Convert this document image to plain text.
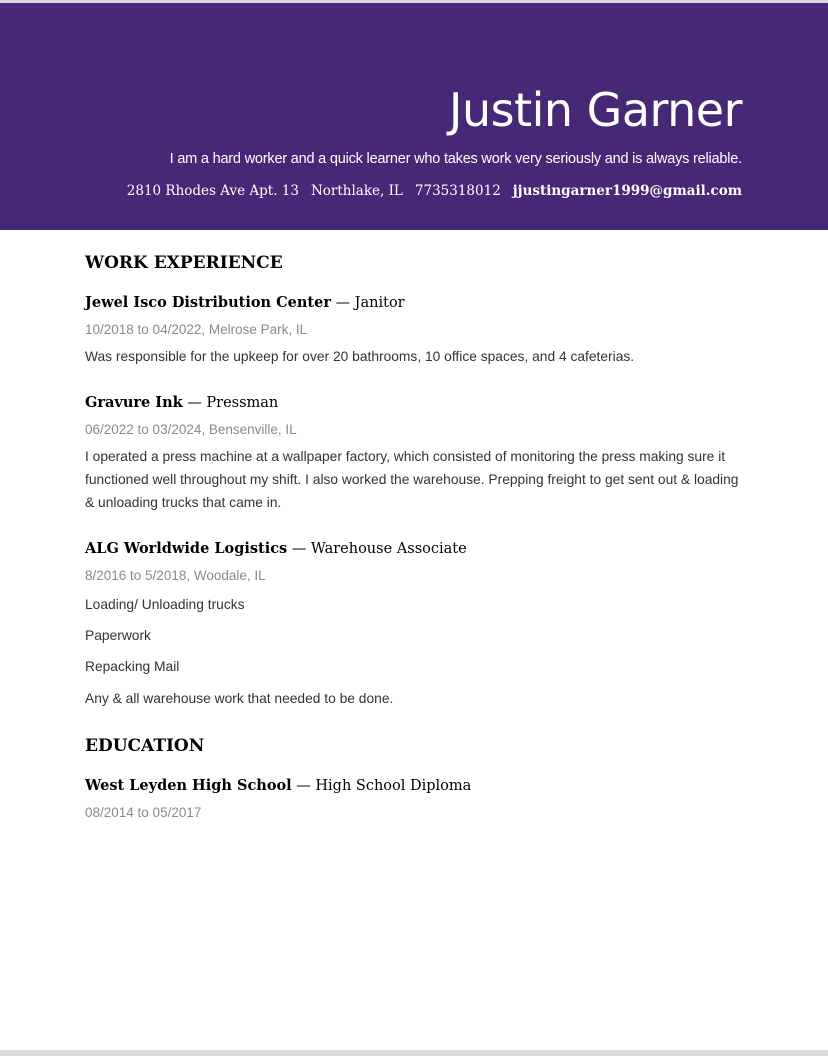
Justin Garner
I am a hard worker and a quick learner who takes work very seriously and is always reliable.
2810 Rhodes Ave Apt. 13 Northlake, IL 7735318012 jjustingarner1999@gmail.com
WORK EXPERIENCE
Jewel Isco Distribution Center — Janitor
10/2018 to 04/2022, Melrose Park, IL
Was responsible for the upkeep for over 20 bathrooms, 10 office spaces, and 4 cafeterias.
Gravure Ink — Pressman
06/2022 to 03/2024, Bensenville, IL
I operated a press machine at a wallpaper factory, which consisted of monitoring the press making sure it functioned well throughout my shift. I also worked the warehouse. Prepping freight to get sent out & loading & unloading trucks that came in.
ALG Worldwide Logistics — Warehouse Associate
8/2016 to 5/2018, Woodale, IL
Loading/ Unloading trucks
Paperwork
Repacking Mail
Any & all warehouse work that needed to be done.
EDUCATION
West Leyden High School — High School Diploma
08/2014 to 05/2017
